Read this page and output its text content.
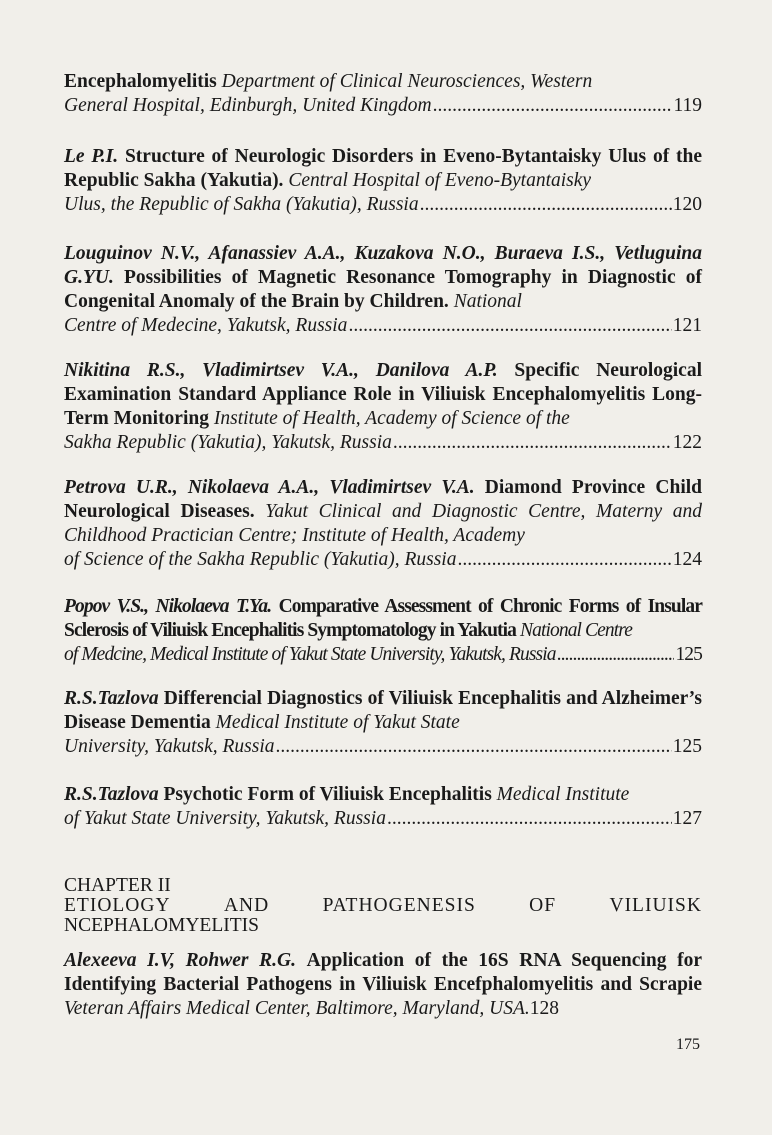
Encephalomyelitis Department of Clinical Neurosciences, Western

General Hospital, Edinburgh, United Kingdom .....	119

Le P.I. Structure of Neurologic Disorders in Eveno-Bytantaisky Ulus of the Republic Sakha (Yakutia). Central Hospital of Eveno-Bytantaisky

Ulus, the Republic of Sakha (Yakutia), Russia .....	120

Louguinov N.V., Afanassiev A.A., Kuzakova N.O., Buraeva I.S., Vetluguina G.YU. Possibilities of Magnetic Resonance Tomography in Diagnostic of Congenital Anomaly of the Brain by Children. National

Centre of Medecine, Yakutsk, Russia .....	121

Nikitina R.S., Vladimirtsev V.A., Danilova A.P. Specific Neurological Examination Standard Appliance Role in Viliuisk Encephalomyelitis Long-Term Monitoring Institute of Health, Academy of Science of the

Sakha Republic (Yakutia), Yakutsk, Russia .....	122

Petrova U.R., Nikolaeva A.A., Vladimirtsev V.A. Diamond Province Child Neurological Diseases. Yakut Clinical and Diagnostic Centre, Materny and Childhood Practician Centre; Institute of Health, Academy

of Science of the Sakha Republic (Yakutia), Russia .....	124

Popov V.S., Nikolaeva T.Ya. Comparative Assessment of Chronic Forms of Insular Sclerosis of Viliuisk Encephalitis Symptomatology in Yakutia National Centre

of Medcine, Medical Institute of Yakut State University, Yakutsk, Russia .....	125

R.S.Tazlova Differencial Diagnostics of Viliuisk Encephalitis and Alzheimer’s Disease Dementia Medical Institute of Yakut State

University, Yakutsk, Russia .....	125

R.S.Tazlova Psychotic Form of Viliuisk Encephalitis Medical Institute

of Yakut State University, Yakutsk, Russia .....	127
CHAPTER II
ETIOLOGY	AND	PATHOGENESIS	OF	VILIUISK
NCEPHALOMYELITIS

Alexeeva I.V, Rohwer R.G. Application of the 16S RNA Sequencing for Identifying Bacterial Pathogens in Viliuisk Encefphalomyelitis and Scrapie Veteran Affairs Medical Center, Baltimore, Maryland, USA.128

175
